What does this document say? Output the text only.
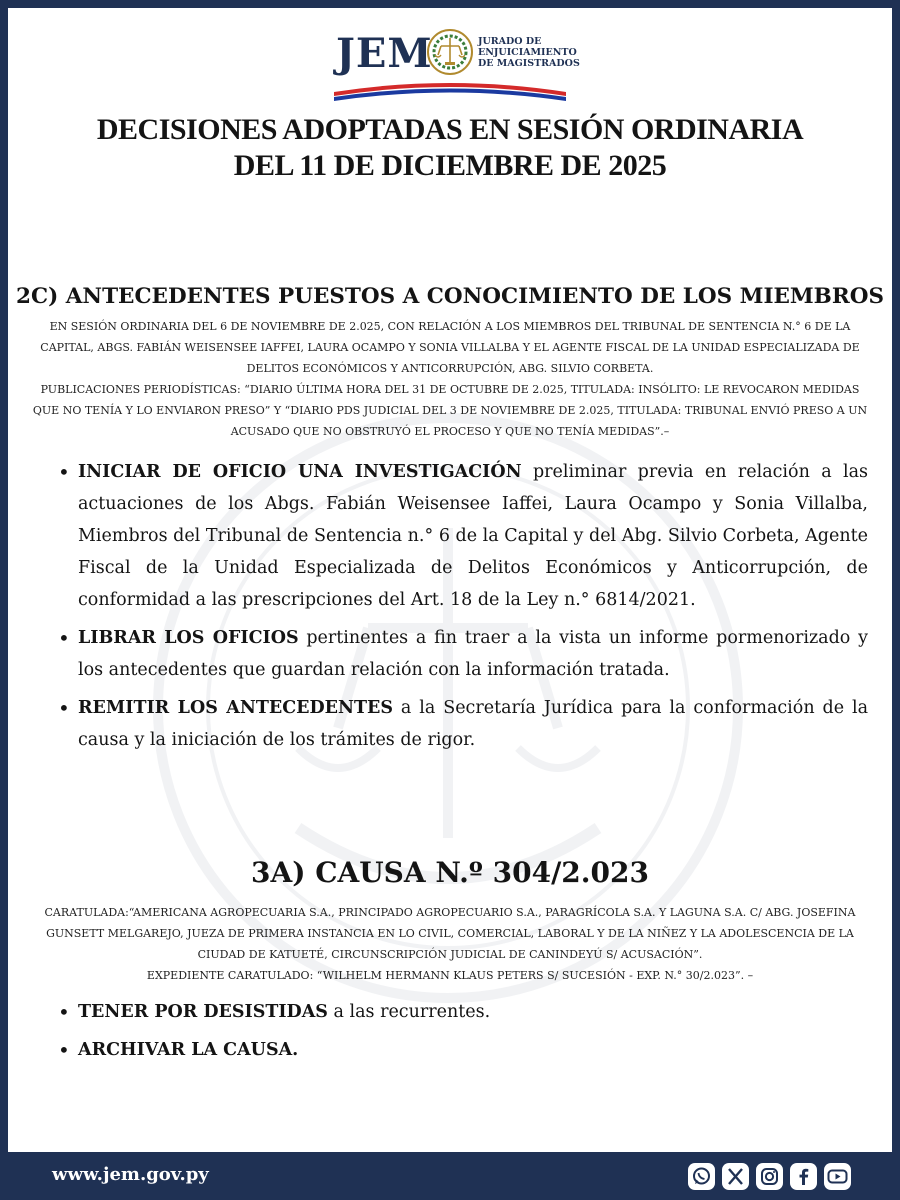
JEM	JURADO DE
ENJUICIAMIENTO
DE MAGISTRADOS
DECISIONES ADOPTADAS EN SESIÓN ORDINARIA
DEL 11 DE DICIEMBRE DE 2025
2C) ANTECEDENTES PUESTOS A CONOCIMIENTO DE LOS MIEMBROS
EN SESIÓN ORDINARIA DEL 6 DE NOVIEMBRE DE 2.025, CON RELACIÓN A LOS MIEMBROS DEL TRIBUNAL DE SENTENCIA N.° 6 DE LA CAPITAL, ABGS. FABIÁN WEISENSEE IAFFEI, LAURA OCAMPO Y SONIA VILLALBA Y EL AGENTE FISCAL DE LA UNIDAD ESPECIALIZADA DE DELITOS ECONÓMICOS Y ANTICORRUPCIÓN, ABG. SILVIO CORBETA.
PUBLICACIONES PERIODÍSTICAS: “DIARIO ÚLTIMA HORA DEL 31 DE OCTUBRE DE 2.025, TITULADA: INSÓLITO: LE REVOCARON MEDIDAS QUE NO TENÍA Y LO ENVIARON PRESO” Y “DIARIO PDS JUDICIAL DEL 3 DE NOVIEMBRE DE 2.025, TITULADA: TRIBUNAL ENVIÓ PRESO A UN ACUSADO QUE NO OBSTRUYÓ EL PROCESO Y QUE NO TENÍA MEDIDAS”.–
• INICIAR DE OFICIO UNA INVESTIGACIÓN preliminar previa en relación a las actuaciones de los Abgs. Fabián Weisensee Iaffei, Laura Ocampo y Sonia Villalba, Miembros del Tribunal de Sentencia n.° 6 de la Capital y del Abg. Silvio Corbeta, Agente Fiscal de la Unidad Especializada de Delitos Económicos y Anticorrupción, de conformidad a las prescripciones del Art. 18 de la Ley n.° 6814/2021.
• LIBRAR LOS OFICIOS pertinentes a fin traer a la vista un informe pormenorizado y los antecedentes que guardan relación con la información tratada.
• REMITIR LOS ANTECEDENTES a la Secretaría Jurídica para la conformación de la causa y la iniciación de los trámites de rigor.
3A) CAUSA N.º 304/2.023
CARATULADA:“AMERICANA AGROPECUARIA S.A., PRINCIPADO AGROPECUARIO S.A., PARAGRÍCOLA S.A. Y LAGUNA S.A. C/ ABG. JOSEFINA GUNSETT MELGAREJO, JUEZA DE PRIMERA INSTANCIA EN LO CIVIL, COMERCIAL, LABORAL Y DE LA NIÑEZ Y LA ADOLESCENCIA DE LA CIUDAD DE KATUETÉ, CIRCUNSCRIPCIÓN JUDICIAL DE CANINDEYÚ S/ ACUSACIÓN”.
EXPEDIENTE CARATULADO: “WILHELM HERMANN KLAUS PETERS S/ SUCESIÓN - EXP. N.° 30/2.023”. –
• TENER POR DESISTIDAS a las recurrentes.
• ARCHIVAR LA CAUSA.
www.jem.gov.py
